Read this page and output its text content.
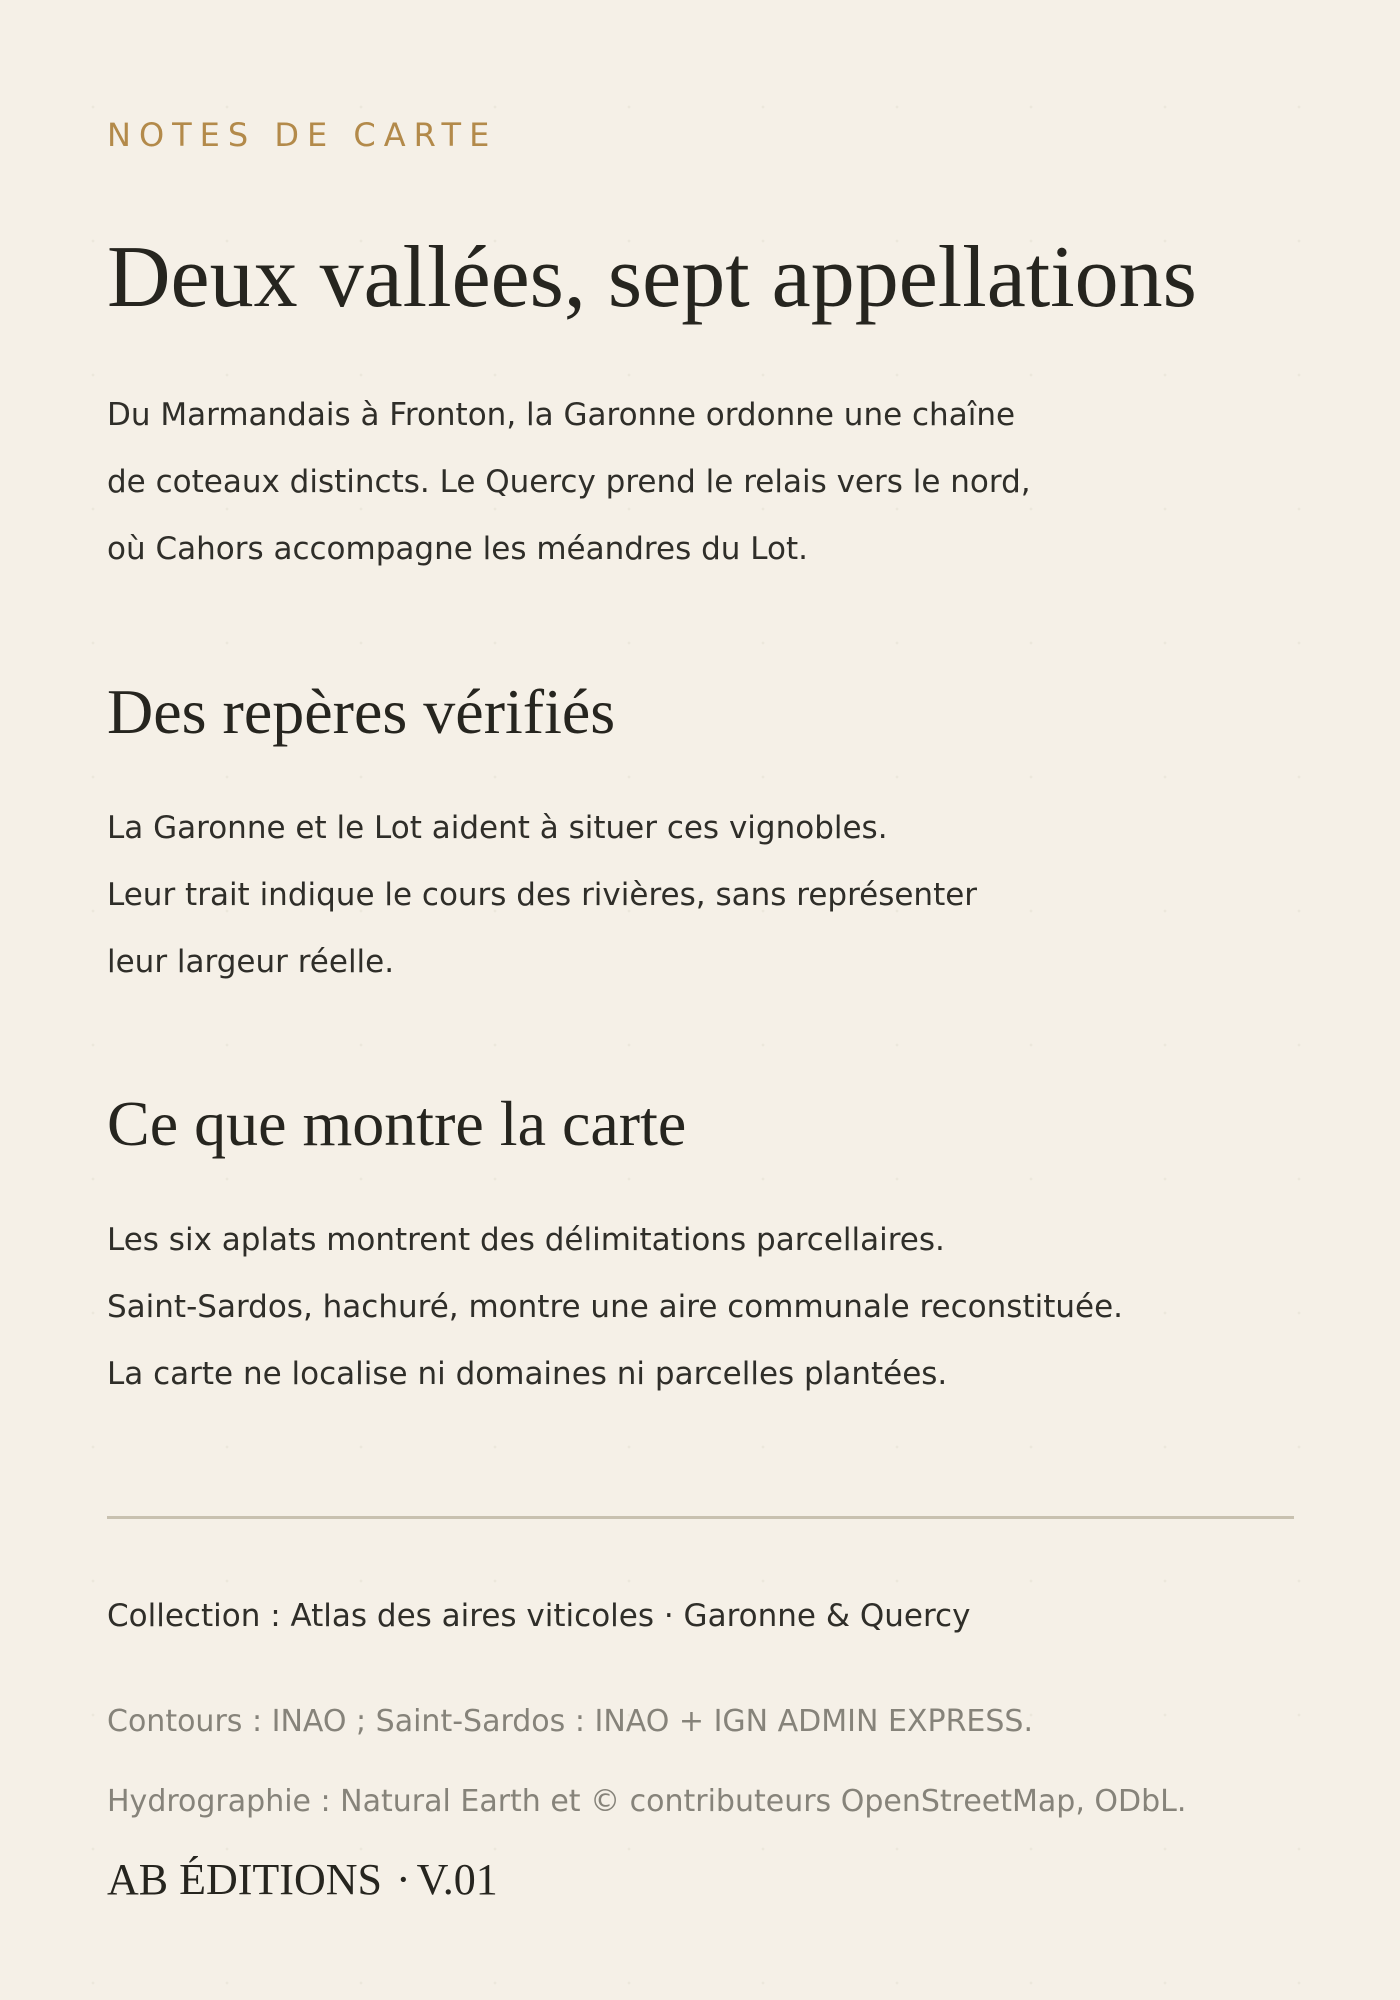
NOTES DE CARTE

Deux vallées, sept appellations
Du Marmandais à Fronton, la Garonne ordonne une chaîne
de coteaux distincts. Le Quercy prend le relais vers le nord,
où Cahors accompagne les méandres du Lot.
Des repères vérifiés
La Garonne et le Lot aident à situer ces vignobles.
Leur trait indique le cours des rivières, sans représenter
leur largeur réelle.
Ce que montre la carte
Les six aplats montrent des délimitations parcellaires.
Saint-Sardos, hachuré, montre une aire communale reconstituée.
La carte ne localise ni domaines ni parcelles plantées.

Collection : Atlas des aires viticoles · Garonne & Quercy

Contours : INAO ; Saint-Sardos : INAO + IGN ADMIN EXPRESS.

Hydrographie : Natural Earth et © contributeurs OpenStreetMap, ODbL.

AB ÉDITIONS · V.01
